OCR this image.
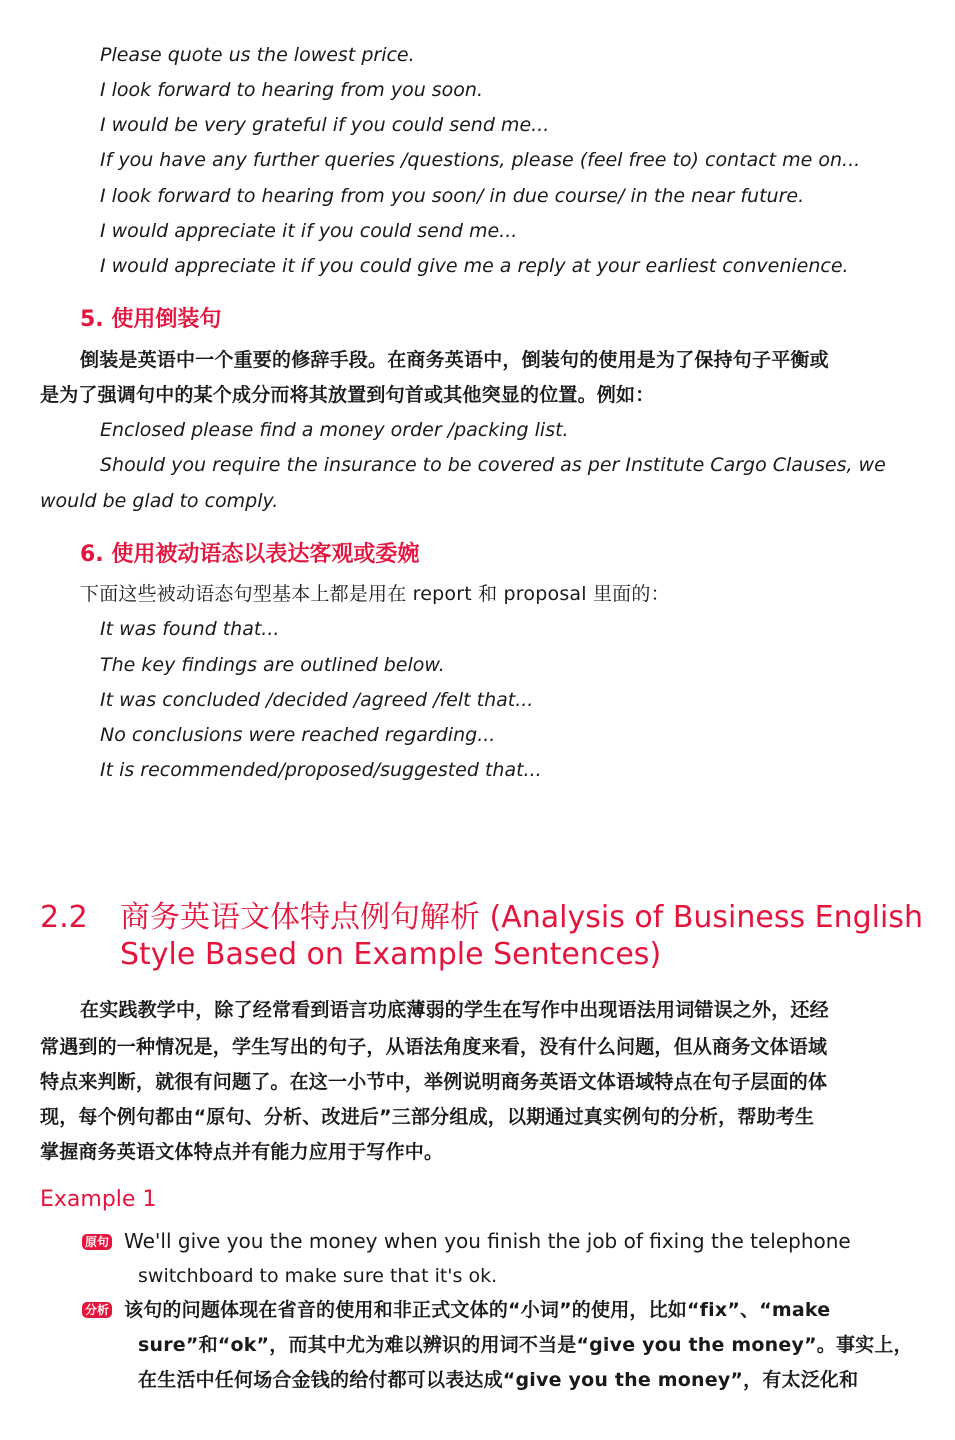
Please quote us the lowest price.
I look forward to hearing from you soon.
I would be very grateful if you could send me...
If you have any further queries /questions, please (feel free to) contact me on...
I look forward to hearing from you soon/ in due course/ in the near future.
I would appreciate it if you could send me...
I would appreciate it if you could give me a reply at your earliest convenience.
5. 使用倒装句
倒装是英语中一个重要的修辞手段。在商务英语中，倒装句的使用是为了保持句子平衡或
是为了强调句中的某个成分而将其放置到句首或其他突显的位置。例如：
Enclosed please find a money order /packing list.
Should you require the insurance to be covered as per Institute Cargo Clauses, we
would be glad to comply.
6. 使用被动语态以表达客观或委婉
下面这些被动语态句型基本上都是用在 report 和 proposal 里面的：
It was found that...
The key findings are outlined below.
It was concluded /decided /agreed /felt that...
No conclusions were reached regarding...
It is recommended/proposed/suggested that...
2.2 商务英语文体特点例句解析 (Analysis of Business English
Style Based on Example Sentences)
在实践教学中，除了经常看到语言功底薄弱的学生在写作中出现语法用词错误之外，还经
常遇到的一种情况是，学生写出的句子，从语法角度来看，没有什么问题，但从商务文体语域
特点来判断，就很有问题了。在这一小节中，举例说明商务英语文体语域特点在句子层面的体
现，每个例句都由“原句、分析、改进后”三部分组成，以期通过真实例句的分析，帮助考生
掌握商务英语文体特点并有能力应用于写作中。
Example 1
原句 We'll give you the money when you finish the job of fixing the telephone
switchboard to make sure that it's ok.
分析 该句的问题体现在省音的使用和非正式文体的“小词”的使用，比如“fix”、“make
sure”和“ok”，而其中尤为难以辨识的用词不当是“give you the money”。事实上，
在生活中任何场合金钱的给付都可以表达成“give you the money”，有太泛化和
